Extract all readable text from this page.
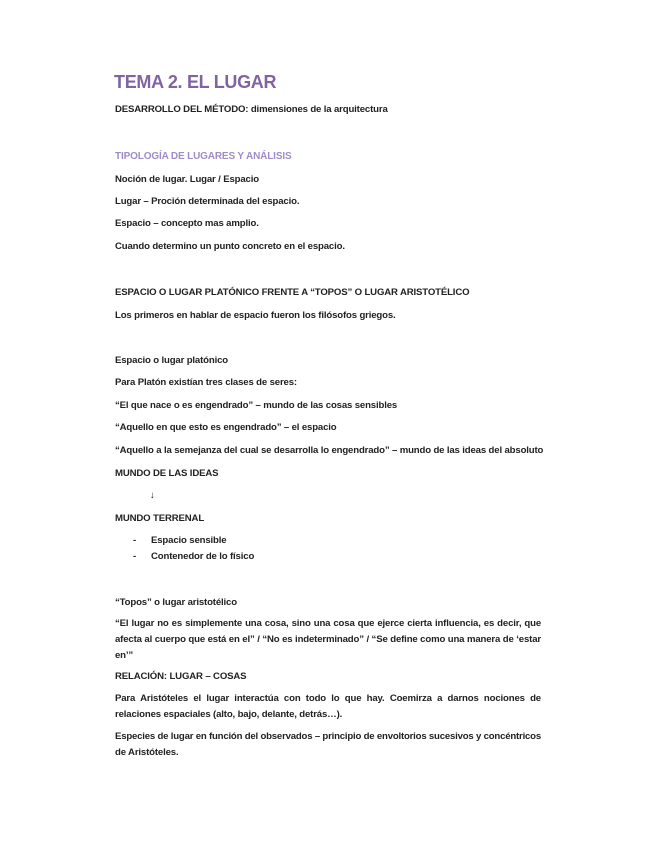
TEMA 2. EL LUGAR
DESARROLLO DEL MÉTODO: dimensiones de la arquitectura
TIPOLOGÍA DE LUGARES Y ANÁLISIS
Noción de lugar. Lugar / Espacio
Lugar – Proción determinada del espacio.
Espacio – concepto mas amplio.
Cuando determino un punto concreto en el espacio.
ESPACIO O LUGAR PLATÓNICO FRENTE A “TOPOS” O LUGAR ARISTOTÉLICO
Los primeros en hablar de espacio fueron los filósofos griegos.
Espacio o lugar platónico
Para Platón existían tres clases de seres:
“El que nace o es engendrado” – mundo de las cosas sensibles
“Aquello en que esto es engendrado” – el espacio
“Aquello a la semejanza del cual se desarrolla lo engendrado” – mundo de las ideas del absoluto
MUNDO DE LAS IDEAS
↓
MUNDO TERRENAL
- Espacio sensible
- Contenedor de lo físico
“Topos” o lugar aristotélico
“El lugar no es simplemente una cosa, sino una cosa que ejerce cierta influencia, es decir, que
afecta al cuerpo que está en el” / “No es indeterminado” / “Se define como una manera de ‘estar
en’”
RELACIÓN: LUGAR – COSAS
Para Aristóteles el lugar interactúa con todo lo que hay. Coemirza a darnos nociones de
relaciones espaciales (alto, bajo, delante, detrás…).
Especies de lugar en función del observados – principio de envoltorios sucesivos y concéntricos
de Aristóteles.
